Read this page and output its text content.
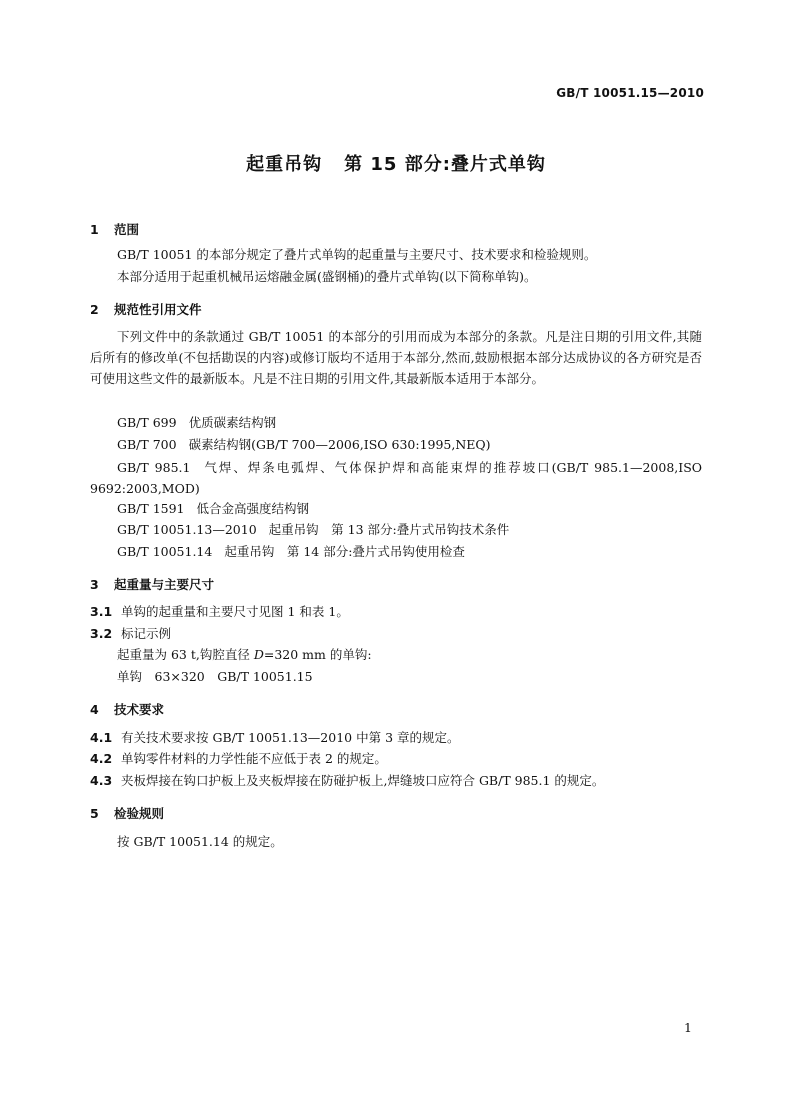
GB/T 10051.15—2010
起重吊钩 第 15 部分:叠片式单钩
1 范围
GB/T 10051 的本部分规定了叠片式单钩的起重量与主要尺寸、技术要求和检验规则。
本部分适用于起重机械吊运熔融金属(盛钢桶)的叠片式单钩(以下简称单钩)。
2 规范性引用文件
下列文件中的条款通过 GB/T 10051 的本部分的引用而成为本部分的条款。凡是注日期的引用文件,其随后所有的修改单(不包括勘误的内容)或修订版均不适用于本部分,然而,鼓励根据本部分达成协议的各方研究是否可使用这些文件的最新版本。凡是不注日期的引用文件,其最新版本适用于本部分。
GB/T 699 优质碳素结构钢
GB/T 700 碳素结构钢(GB/T 700—2006,ISO 630:1995,NEQ)
GB/T 985.1 气焊、焊条电弧焊、气体保护焊和高能束焊的推荐坡口(GB/T 985.1—2008,ISO 9692:2003,MOD)
GB/T 1591 低合金高强度结构钢
GB/T 10051.13—2010 起重吊钩　第 13 部分:叠片式吊钩技术条件
GB/T 10051.14 起重吊钩　第 14 部分:叠片式吊钩使用检查
3 起重量与主要尺寸
3.1 单钩的起重量和主要尺寸见图 1 和表 1。
3.2 标记示例
起重量为 63 t,钩腔直径 D=320 mm 的单钩:
单钩　63×320　GB/T 10051.15
4 技术要求
4.1 有关技术要求按 GB/T 10051.13—2010 中第 3 章的规定。
4.2 单钩零件材料的力学性能不应低于表 2 的规定。
4.3 夹板焊接在钩口护板上及夹板焊接在防碰护板上,焊缝坡口应符合 GB/T 985.1 的规定。
5 检验规则
按 GB/T 10051.14 的规定。
1
